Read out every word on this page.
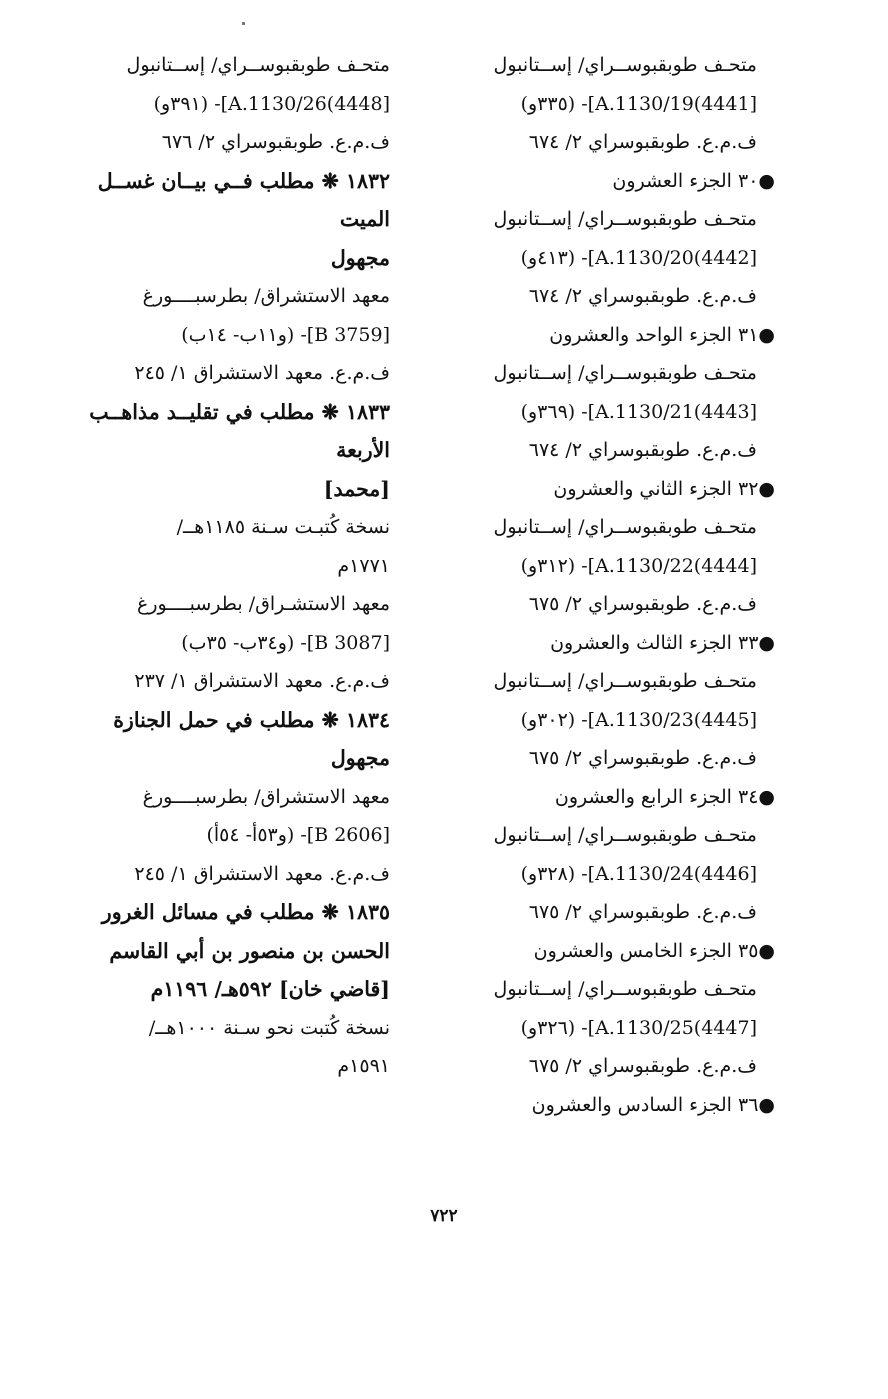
متحـف طوبقبوســراي/ إســتانبول
[4441)A.1130/19]- (٣٣٥و)
ف.م.ع. طوبقبوسراي ٢/ ٦٧٤
●٣٠ الجزء العشرون
متحـف طوبقبوســراي/ إســتانبول
[4442)A.1130/20]- (٤١٣و)
ف.م.ع. طوبقبوسراي ٢/ ٦٧٤
●٣١ الجزء الواحد والعشرون
متحـف طوبقبوســراي/ إســتانبول
[4443)A.1130/21]- (٣٦٩و)
ف.م.ع. طوبقبوسراي ٢/ ٦٧٤
●٣٢ الجزء الثاني والعشرون
متحـف طوبقبوســراي/ إســتانبول
[4444)A.1130/22]- (٣١٢و)
ف.م.ع. طوبقبوسراي ٢/ ٦٧٥
●٣٣ الجزء الثالث والعشرون
متحـف طوبقبوســراي/ إســتانبول
[4445)A.1130/23]- (٣٠٢و)
ف.م.ع. طوبقبوسراي ٢/ ٦٧٥
●٣٤ الجزء الرابع والعشرون
متحـف طوبقبوســراي/ إســتانبول
[4446)A.1130/24]- (٣٢٨و)
ف.م.ع. طوبقبوسراي ٢/ ٦٧٥
●٣٥ الجزء الخامس والعشرون
متحـف طوبقبوســراي/ إســتانبول
[4447)A.1130/25]- (٣٢٦و)
ف.م.ع. طوبقبوسراي ٢/ ٦٧٥
●٣٦ الجزء السادس والعشرون
متحـف طوبقبوســراي/ إســتانبول
[4448)A.1130/26]- (٣٩١و)
ف.م.ع. طوبقبوسراي ٢/ ٦٧٦
١٨٣٢ ❋ مطلب فــي بيــان غســل
الميت
مجهول
معهد الاستشراق/ بطرسبــــورغ
[B 3759]- (و١١ب- ١٤ب)
ف.م.ع. معهد الاستشراق ١/ ٢٤٥
١٨٣٣ ❋ مطلب في تقليــد مذاهــب
الأربعة
[محمد]
نسخة كُتبـت سـنة ١١٨٥هــ/
١٧٧١م
معهد الاستشـراق/ بطرسبــــورغ
[B 3087]- (و٣٤ب- ٣٥ب)
ف.م.ع. معهد الاستشراق ١/ ٢٣٧
١٨٣٤ ❋ مطلب في حمل الجنازة
مجهول
معهد الاستشراق/ بطرسبــــورغ
[B 2606]- (و٥٣أ- ٥٤أ)
ف.م.ع. معهد الاستشراق ١/ ٢٤٥
١٨٣٥ ❋ مطلب في مسائل الغرور
الحسن بن منصور بن أبي القاسم
[قاضي خان] ٥٩٢هـ/ ١١٩٦م
نسخة كُتبت نحو سـنة ١٠٠٠هــ/
١٥٩١م
٧٢٢
